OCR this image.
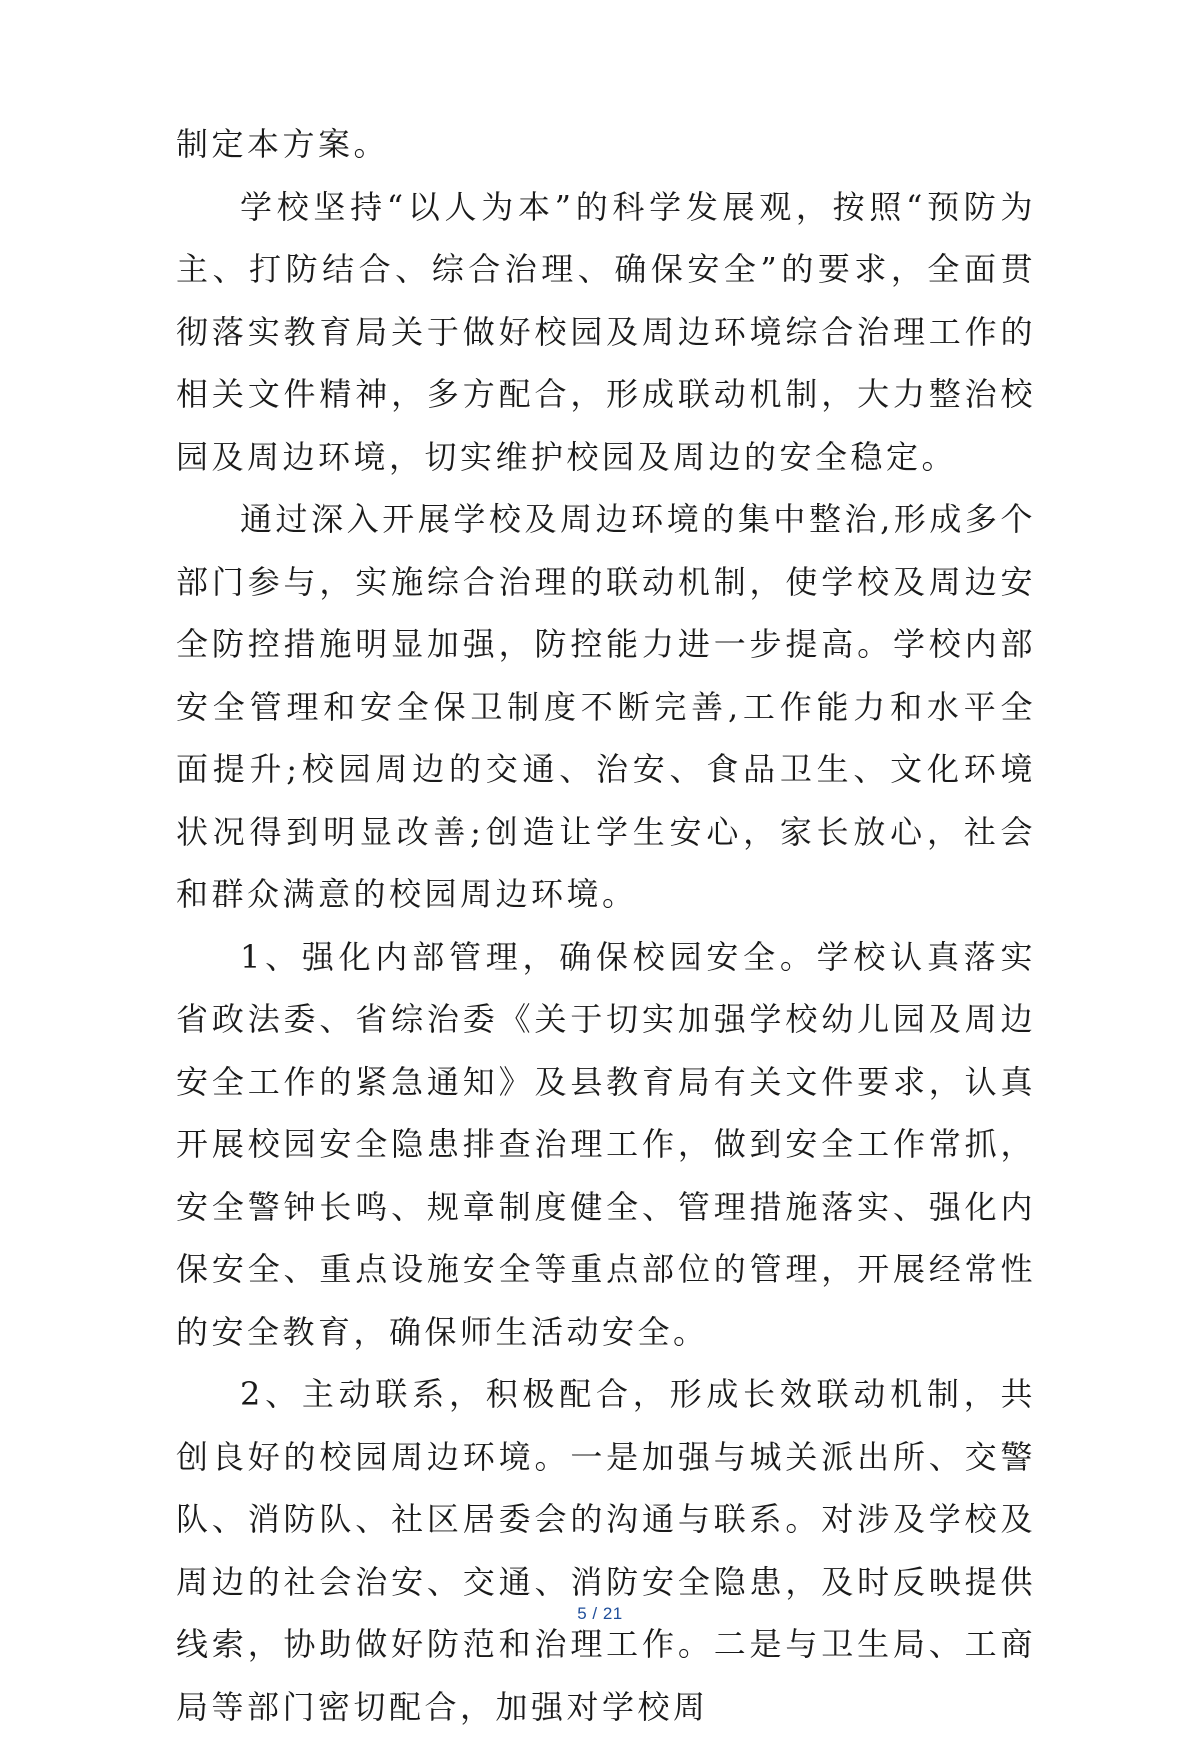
制定本方案。

学校坚持“以人为本”的科学发展观，按照“预防为主、打防结合、综合治理、确保安全”的要求，全面贯彻落实教育局关于做好校园及周边环境综合治理工作的相关文件精神，多方配合，形成联动机制，大力整治校园及周边环境，切实维护校园及周边的安全稳定。

通过深入开展学校及周边环境的集中整治,形成多个部门参与，实施综合治理的联动机制，使学校及周边安全防控措施明显加强，防控能力进一步提高。学校内部安全管理和安全保卫制度不断完善,工作能力和水平全面提升;校园周边的交通、治安、食品卫生、文化环境状况得到明显改善;创造让学生安心，家长放心，社会和群众满意的校园周边环境。

1、强化内部管理，确保校园安全。学校认真落实省政法委、省综治委《关于切实加强学校幼儿园及周边安全工作的紧急通知》及县教育局有关文件要求，认真开展校园安全隐患排查治理工作，做到安全工作常抓，安全警钟长鸣、规章制度健全、管理措施落实、强化内保安全、重点设施安全等重点部位的管理，开展经常性的安全教育，确保师生活动安全。

2、主动联系，积极配合，形成长效联动机制，共创良好的校园周边环境。一是加强与城关派出所、交警队、消防队、社区居委会的沟通与联系。对涉及学校及周边的社会治安、交通、消防安全隐患，及时反映提供线索，协助做好防范和治理工作。二是与卫生局、工商局等部门密切配合，加强对学校周

5 / 21
